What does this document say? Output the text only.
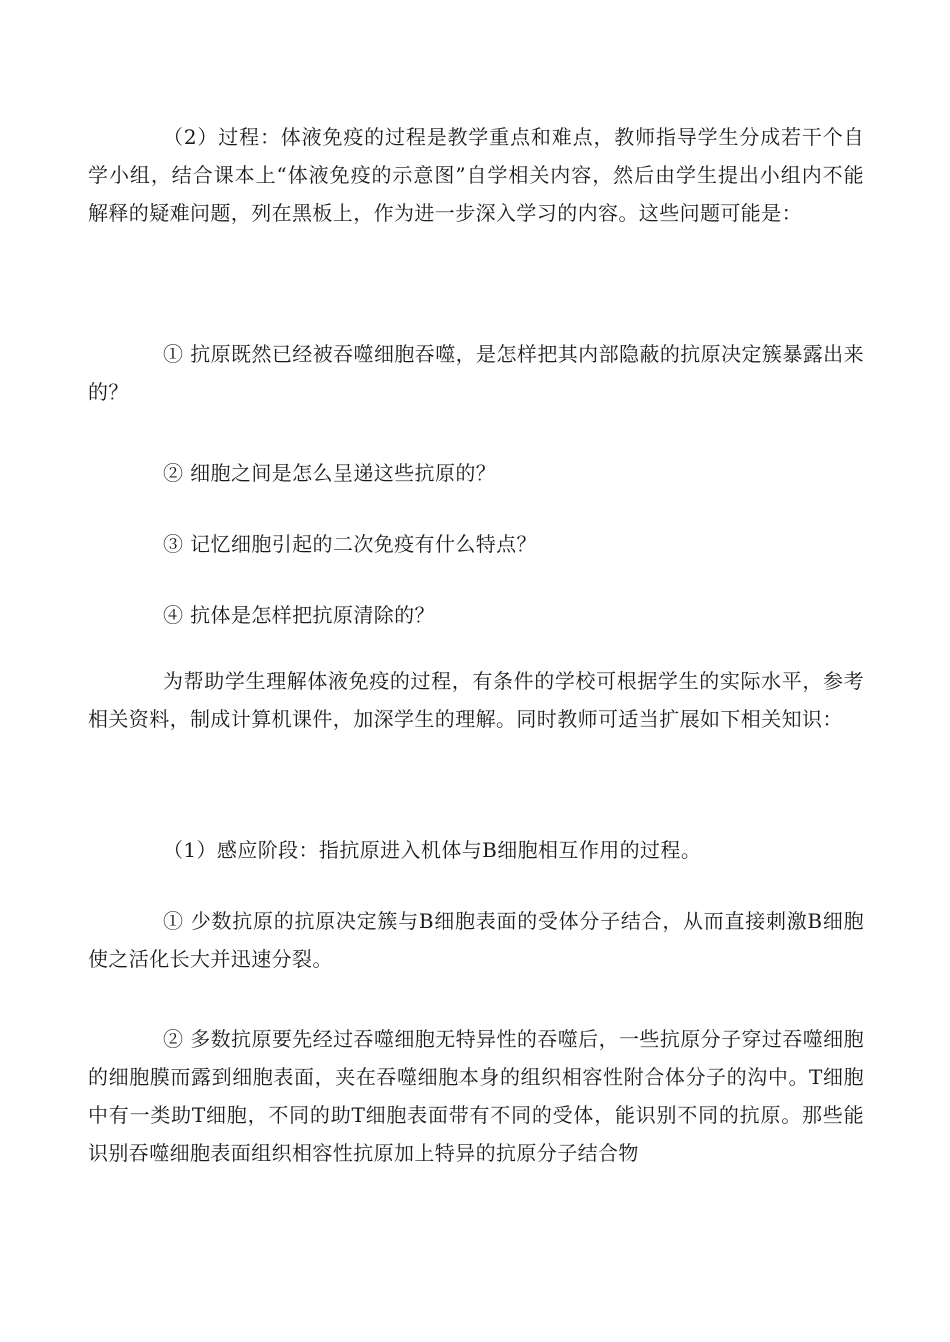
（2）过程：体液免疫的过程是教学重点和难点，教师指导学生分成若干个自学小组，结合课本上“体液免疫的示意图”自学相关内容，然后由学生提出小组内不能解释的疑难问题，列在黑板上，作为进一步深入学习的内容。这些问题可能是：

① 抗原既然已经被吞噬细胞吞噬，是怎样把其内部隐蔽的抗原决定簇暴露出来的？

② 细胞之间是怎么呈递这些抗原的？

③ 记忆细胞引起的二次免疫有什么特点？

④ 抗体是怎样把抗原清除的？

为帮助学生理解体液免疫的过程，有条件的学校可根据学生的实际水平，参考相关资料，制成计算机课件，加深学生的理解。同时教师可适当扩展如下相关知识：

（1）感应阶段：指抗原进入机体与B细胞相互作用的过程。

① 少数抗原的抗原决定簇与B细胞表面的受体分子结合，从而直接刺激B细胞使之活化长大并迅速分裂。

② 多数抗原要先经过吞噬细胞无特异性的吞噬后，一些抗原分子穿过吞噬细胞的细胞膜而露到细胞表面，夹在吞噬细胞本身的组织相容性附合体分子的沟中。T细胞中有一类助T细胞，不同的助T细胞表面带有不同的受体，能识别不同的抗原。那些能识别吞噬细胞表面组织相容性抗原加上特异的抗原分子结合物
